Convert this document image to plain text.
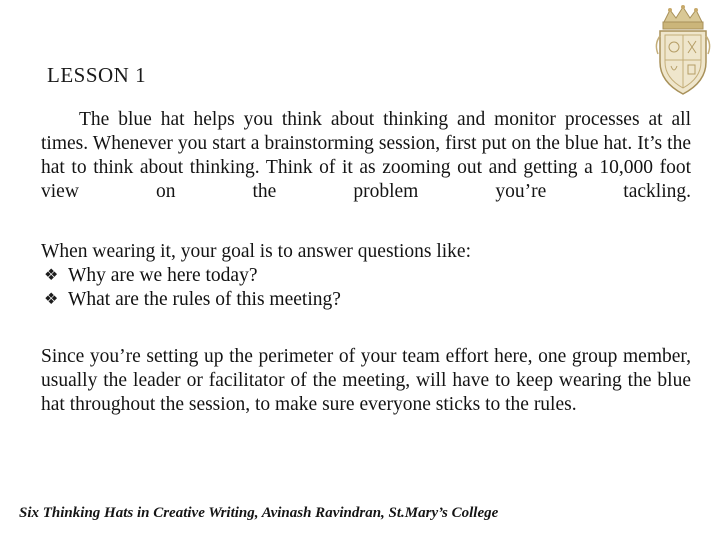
LESSON 1
The blue hat helps you think about thinking and monitor processes at all times. Whenever you start a brainstorming session, first put on the blue hat. It’s the hat to think about thinking. Think of it as zooming out and getting a 10,000 foot view on the problem you’re tackling.
When wearing it, your goal is to answer questions like:
❖ Why are we here today?
❖ What are the rules of this meeting?
Since you’re setting up the perimeter of your team effort here, one group member, usually the leader or facilitator of the meeting, will have to keep wearing the blue hat throughout the session, to make sure everyone sticks to the rules.
Six Thinking Hats in Creative Writing, Avinash Ravindran, St.Mary’s College
